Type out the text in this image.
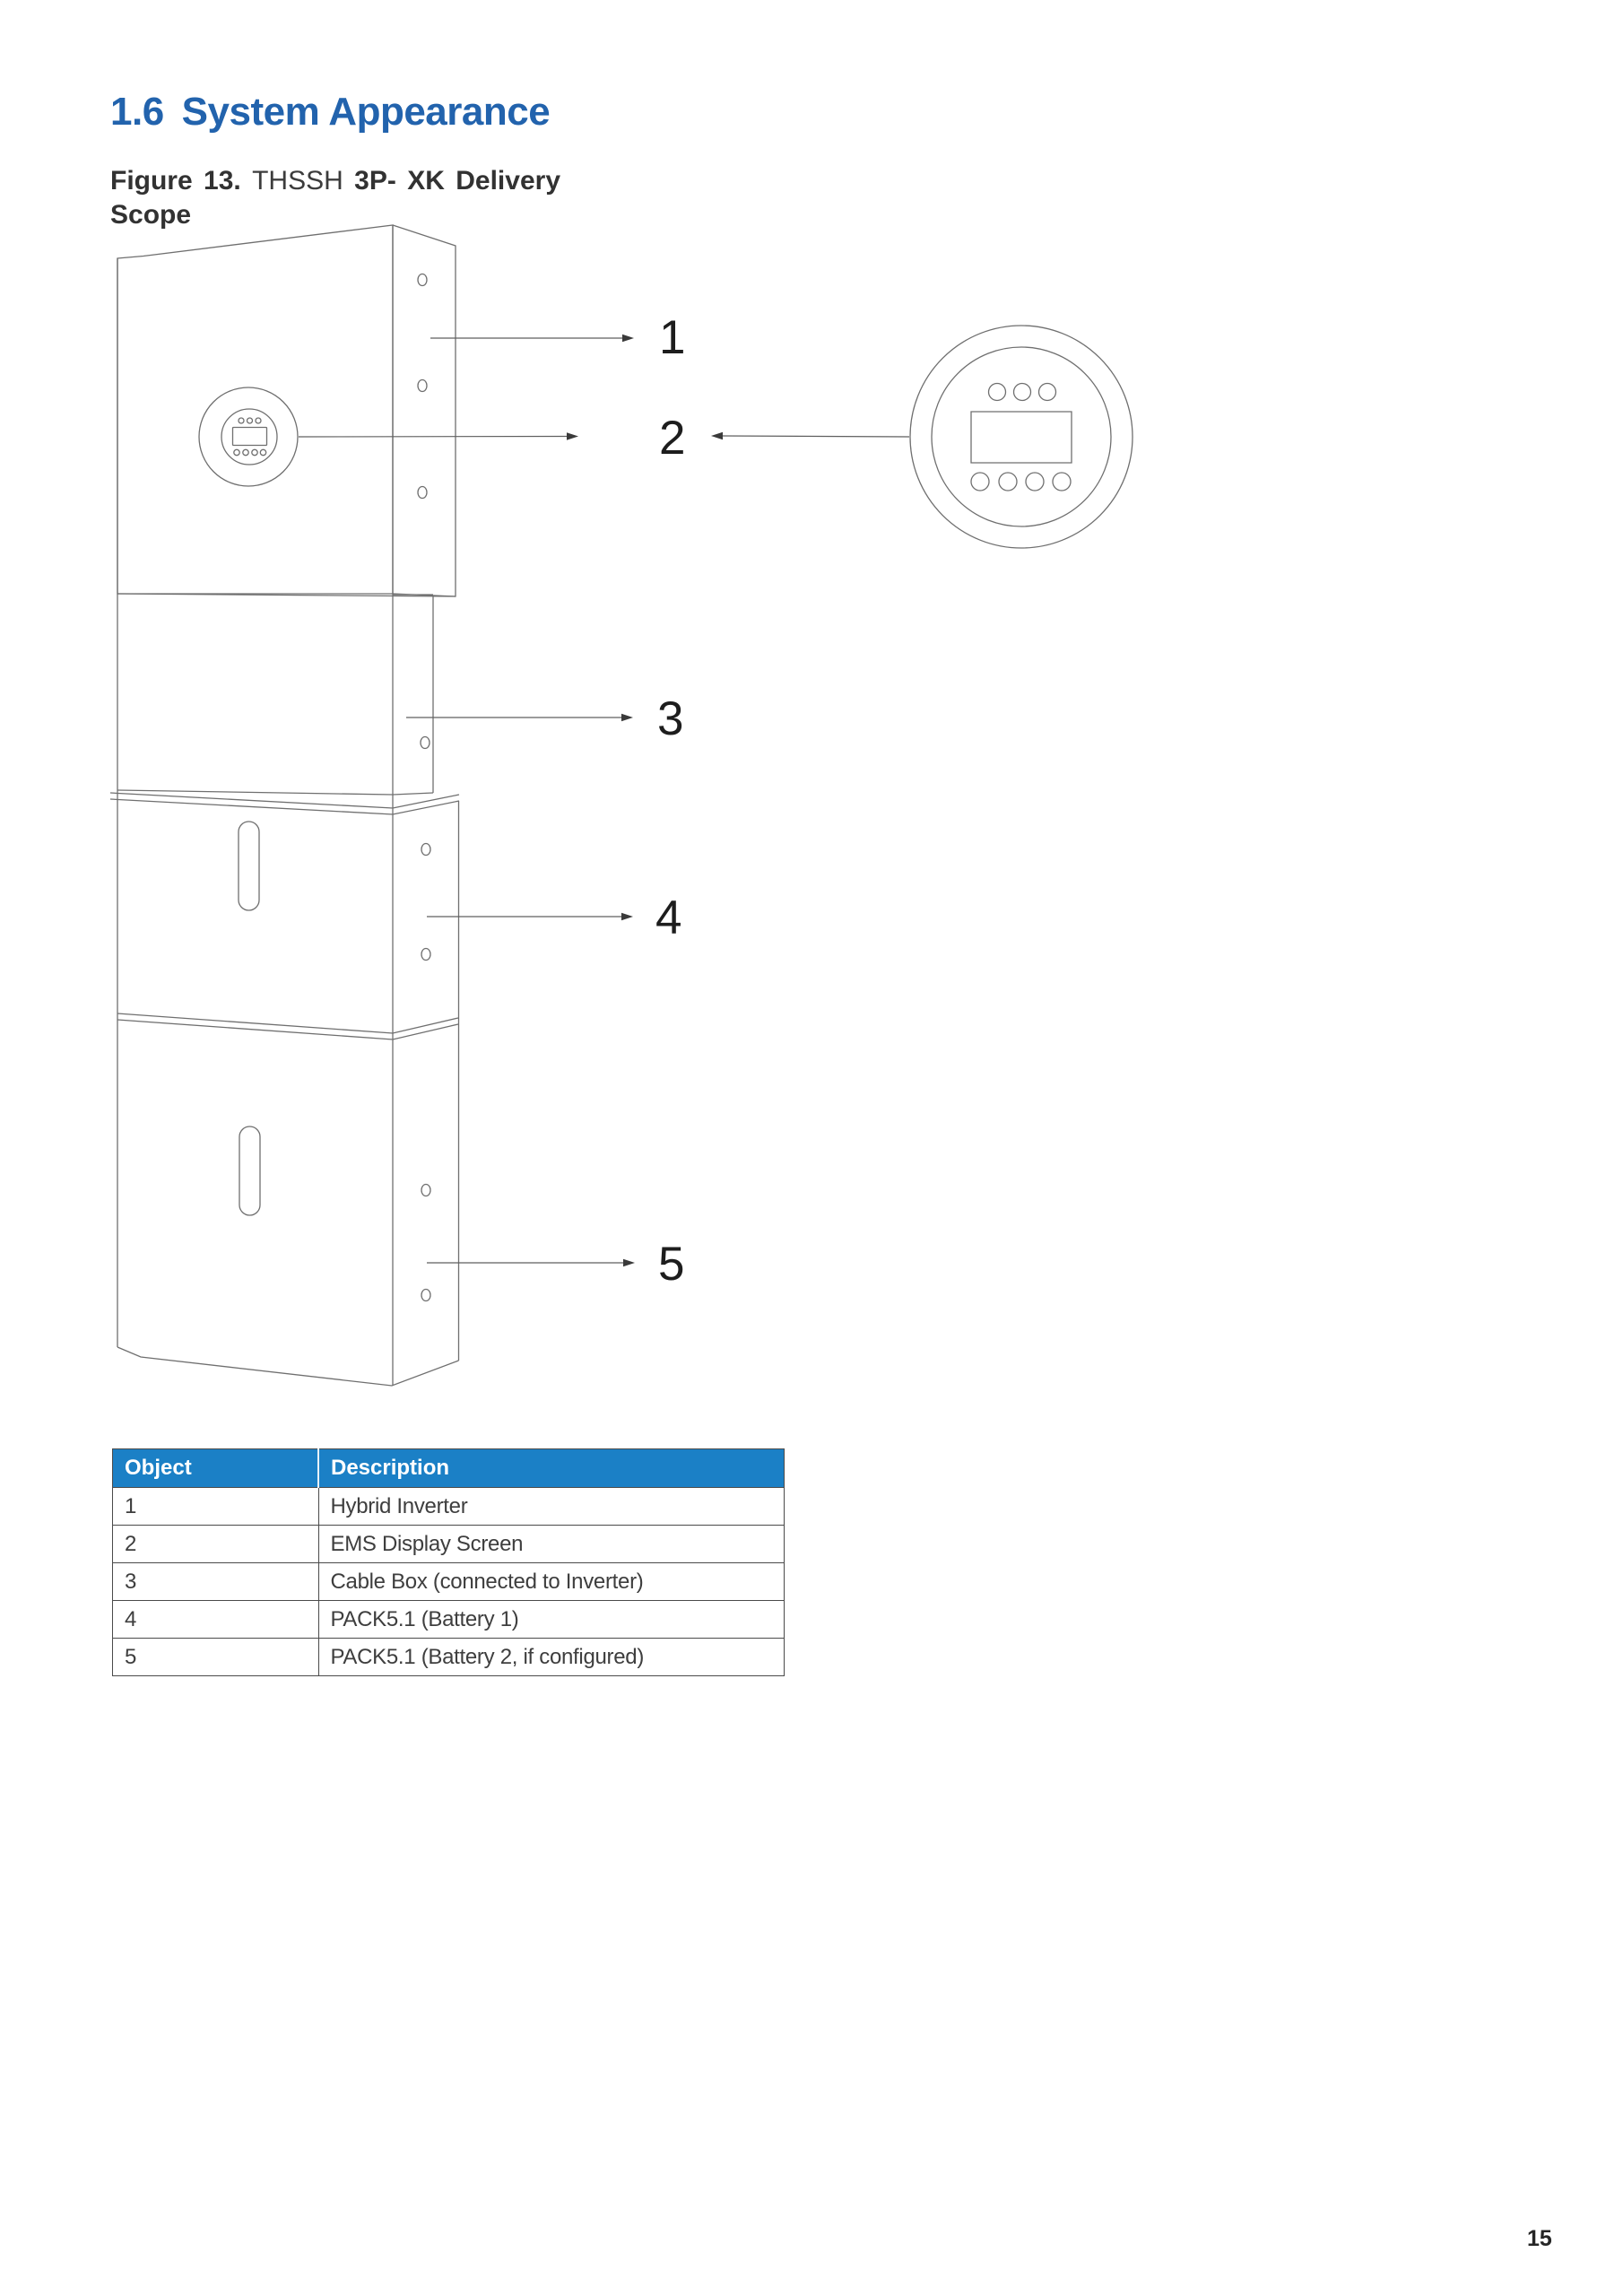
1.6 System Appearance
Figure 13. THSSH 3P- XK Delivery
Scope
1
2
3
4
5
Object	Description
1	Hybrid Inverter
2	EMS Display Screen
3	Cable Box (connected to Inverter)
4	PACK5.1 (Battery 1)
5	PACK5.1 (Battery 2, if configured)
15
